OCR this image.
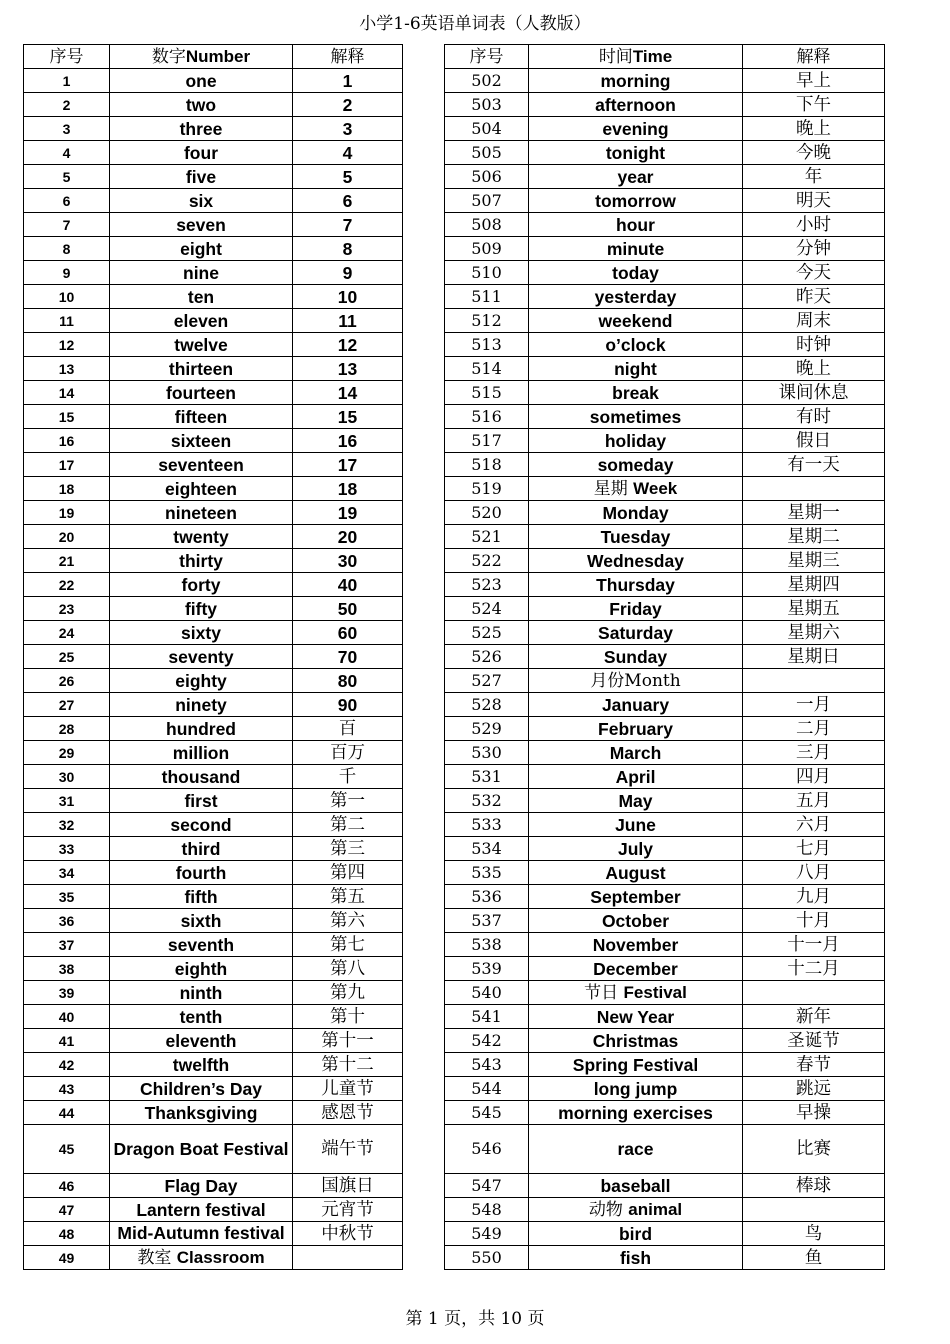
小学1-6英语单词表（人教版）
序号	数字Number	解释
1	one	1
2	two	2
3	three	3
4	four	4
5	five	5
6	six	6
7	seven	7
8	eight	8
9	nine	9
10	ten	10
11	eleven	11
12	twelve	12
13	thirteen	13
14	fourteen	14
15	fifteen	15
16	sixteen	16
17	seventeen	17
18	eighteen	18
19	nineteen	19
20	twenty	20
21	thirty	30
22	forty	40
23	fifty	50
24	sixty	60
25	seventy	70
26	eighty	80
27	ninety	90
28	hundred	百
29	million	百万
30	thousand	千
31	first	第一
32	second	第二
33	third	第三
34	fourth	第四
35	fifth	第五
36	sixth	第六
37	seventh	第七
38	eighth	第八
39	ninth	第九
40	tenth	第十
41	eleventh	第十一
42	twelfth	第十二
43	Children’s Day	儿童节
44	Thanksgiving	感恩节
45	Dragon Boat Festival	端午节
46	Flag Day	国旗日
47	Lantern festival	元宵节
48	Mid-Autumn festival	中秋节
49	教室 Classroom	
序号	时间Time	解释
502	morning	早上
503	afternoon	下午
504	evening	晚上
505	tonight	今晚
506	year	年
507	tomorrow	明天
508	hour	小时
509	minute	分钟
510	today	今天
511	yesterday	昨天
512	weekend	周末
513	o’clock	时钟
514	night	晚上
515	break	课间休息
516	sometimes	有时
517	holiday	假日
518	someday	有一天
519	星期 Week	
520	Monday	星期一
521	Tuesday	星期二
522	Wednesday	星期三
523	Thursday	星期四
524	Friday	星期五
525	Saturday	星期六
526	Sunday	星期日
527	月份Month	
528	January	一月
529	February	二月
530	March	三月
531	April	四月
532	May	五月
533	June	六月
534	July	七月
535	August	八月
536	September	九月
537	October	十月
538	November	十一月
539	December	十二月
540	节日 Festival	
541	New Year	新年
542	Christmas	圣诞节
543	Spring Festival	春节
544	long jump	跳远
545	morning exercises	早操
546	race	比赛
547	baseball	棒球
548	动物 animal	
549	bird	鸟
550	fish	鱼
第 1 页，共 10 页
